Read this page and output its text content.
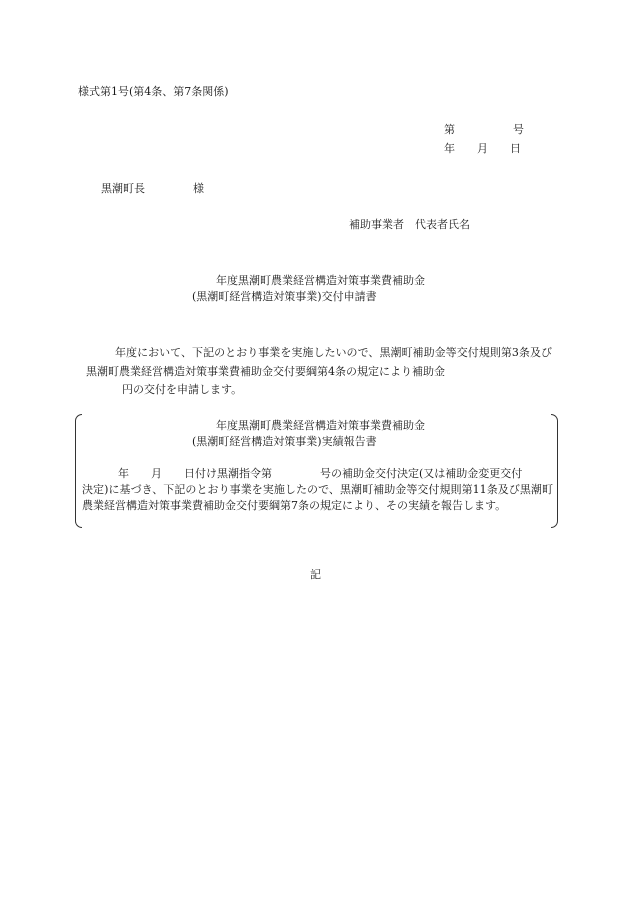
様式第1号(第4条、第7条関係)
第	号
年 月 日
黒潮町長	様
補助事業者 代表者氏名
年度黒潮町農業経営構造対策事業費補助金
(黒潮町経営構造対策事業)交付申請書
年度において、下記のとおり事業を実施したいので、黒潮町補助金等交付規則第3条及び黒潮町農業経営構造対策事業費補助金交付要綱第4条の規定により補助金
円の交付を申請します。
年度黒潮町農業経営構造対策事業費補助金
(黒潮町経営構造対策事業)実績報告書
年 月 日付け黒潮指令第	号の補助金交付決定(又は補助金変更交付
決定)に基づき、下記のとおり事業を実施したので、黒潮町補助金等交付規則第11条及び黒潮町農業経営構造対策事業費補助金交付要綱第7条の規定により、その実績を報告します。
記
